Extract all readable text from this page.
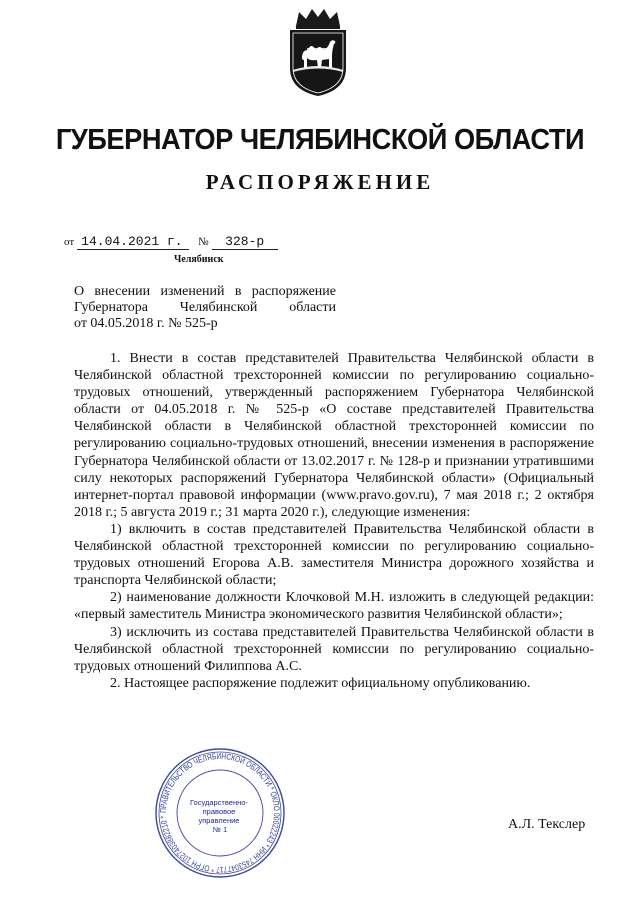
ГУБЕРНАТОР ЧЕЛЯБИНСКОЙ ОБЛАСТИ
РАСПОРЯЖЕНИЕ
от 14.04.2021 г. № 328-р
Челябинск
О внесении изменений в распоряжение
Губернатора Челябинской области
от 04.05.2018 г. № 525-р

1. Внести в состав представителей Правительства Челябинской области в Челябинской областной трехсторонней комиссии по регулированию социально-трудовых отношений, утвержденный распоряжением Губернатора Челябинской области от 04.05.2018 г. № 525-р «О составе представителей Правительства Челябинской области в Челябинской областной трехсторонней комиссии по регулированию социально-трудовых отношений, внесении изменения в распоряжение Губернатора Челябинской области от 13.02.2017 г. № 128-р и признании утратившими силу некоторых распоряжений Губернатора Челябинской области» (Официальный интернет-портал правовой информации (www.pravo.gov.ru), 7 мая 2018 г.; 2 октября 2018 г.; 5 августа 2019 г.; 31 марта 2020 г.), следующие изменения:

1) включить в состав представителей Правительства Челябинской области в Челябинской областной трехсторонней комиссии по регулированию социально-трудовых отношений Егорова А.В. заместителя Министра дорожного хозяйства и транспорта Челябинской области;

2) наименование должности Клочковой М.Н. изложить в следующей редакции: «первый заместитель Министра экономического развития Челябинской области»;

3) исключить из состава представителей Правительства Челябинской области в Челябинской областной трехсторонней комиссии по регулированию социально-трудовых отношений Филиппова А.С.

2. Настоящее распоряжение подлежит официальному опубликованию.

ПРАВИТЕЛЬСТВО ЧЕЛЯБИНСКОЙ ОБЛАСТИ * ОКПО 00022243 * ИНН 7453047717 * ОГРН 1027403882210 *
Государственно- правовое управление № 1	А.Л. Текслер
